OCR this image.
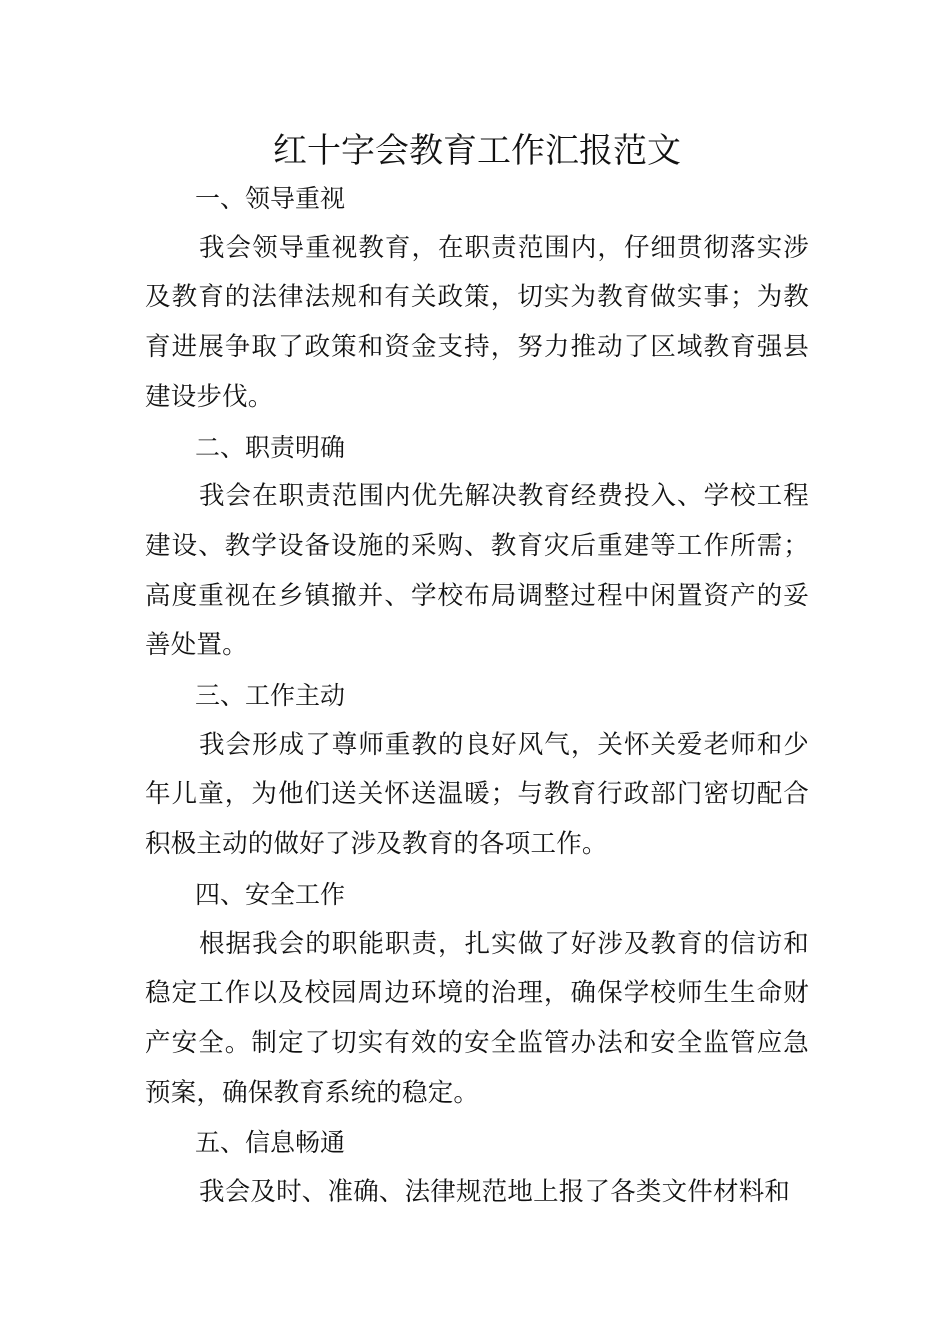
红十字会教育工作汇报范文

一、领导重视

我会领导重视教育，在职责范围内，仔细贯彻落实涉及教育的法律法规和有关政策，切实为教育做实事；为教育进展争取了政策和资金支持，努力推动了区域教育强县建设步伐。

二、职责明确

我会在职责范围内优先解决教育经费投入、学校工程建设、教学设备设施的采购、教育灾后重建等工作所需；高度重视在乡镇撤并、学校布局调整过程中闲置资产的妥善处置。

三、工作主动

我会形成了尊师重教的良好风气，关怀关爱老师和少年儿童，为他们送关怀送温暖；与教育行政部门密切配合积极主动的做好了涉及教育的各项工作。

四、安全工作

根据我会的职能职责，扎实做了好涉及教育的信访和稳定工作以及校园周边环境的治理，确保学校师生生命财产安全。制定了切实有效的安全监管办法和安全监管应急预案，确保教育系统的稳定。

五、信息畅通

我会及时、准确、法律规范地上报了各类文件材料和
